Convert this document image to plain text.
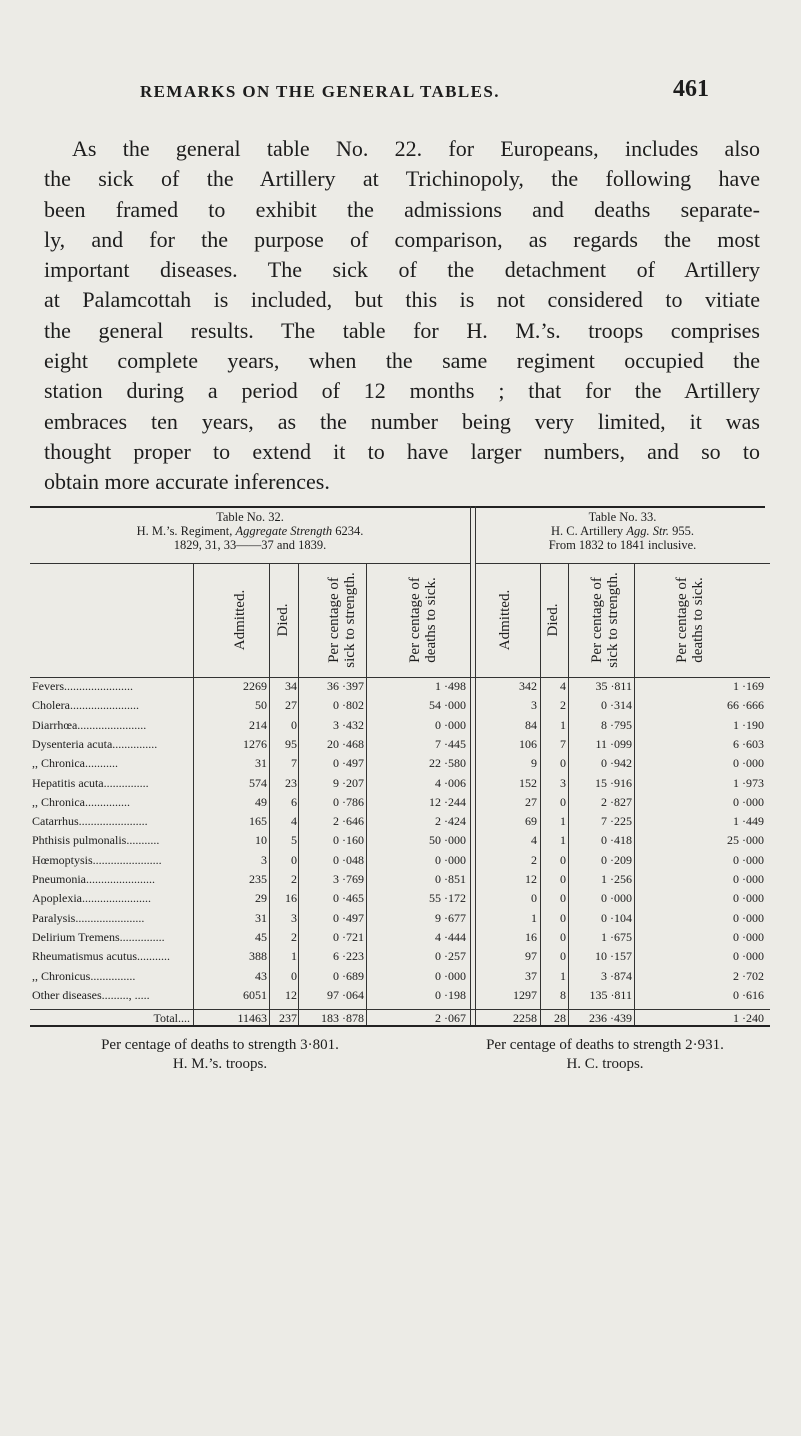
REMARKS ON THE GENERAL TABLES.	461
As the general table No. 22. for Europeans, includes also
the sick of the Artillery at Trichinopoly, the following have
been framed to exhibit the admissions and deaths separate-
ly, and for the purpose of comparison, as regards the most
important diseases. The sick of the detachment of Artillery
at Palamcottah is included, but this is not considered to vitiate
the general results. The table for H. M.’s. troops comprises
eight complete years, when the same regiment occupied the
station during a period of 12 months ; that for the Artillery
embraces ten years, as the number being very limited, it was
thought proper to extend it to have larger numbers, and so to
obtain more accurate inferences.
Table No. 32.
H. M.’s. Regiment, Aggregate Strength 6234.
1829, 31, 33——37 and 1839.
Table No. 33.
H. C. Artillery Agg. Str. 955.
From 1832 to 1841 inclusive.
Admitted. Died. Per centage of sick to strength.	Per centage of deaths to sick.	Admitted. Died. Per centage of sick to strength.	Per centage of deaths to sick.
Fevers.......................	2269 34	36 ·397	1 ·498	342 4 35 ·811	1 ·169
Cholera.......................	50 27	0 ·802	54 ·000	3 2	0 ·314	66 ·666
Diarrhœa.......................	214 0	3 ·432	0 ·000	84 1	8 ·795	1 ·190
Dysenteria acuta...............	1276 95	20 ·468	7 ·445	106 7 11 ·099	6 ·603
,, Chronica...........	31 7	0 ·497	22 ·580	9 0	0 ·942	0 ·000
Hepatitis acuta...............	574 23	9 ·207	4 ·006	152 3 15 ·916	1 ·973
,, Chronica...............	49 6	0 ·786	12 ·244	27 0	2 ·827	0 ·000
Catarrhus.......................	165 4	2 ·646	2 ·424	69 1	7 ·225	1 ·449
Phthisis pulmonalis...........	10 5	0 ·160	50 ·000	4 1	0 ·418	25 ·000
Hœmoptysis.......................	3 0	0 ·048	0 ·000	2 0	0 ·209	0 ·000
Pneumonia.......................	235 2	3 ·769	0 ·851	12 0	1 ·256	0 ·000
Apoplexia.......................	29 16	0 ·465	55 ·172	0 0	0 ·000	0 ·000
Paralysis.......................	31 3	0 ·497	9 ·677	1 0	0 ·104	0 ·000
Delirium Tremens...............	45 2	0 ·721	4 ·444	16 0	1 ·675	0 ·000
Rheumatismus acutus...........	388 1	6 ·223	0 ·257	97 0 10 ·157	0 ·000
,, Chronicus...............	43 0	0 ·689	0 ·000	37 1	3 ·874	2 ·702
Other diseases........., .....	6051 12	97 ·064	0 ·198	1297 8 135 ·811	0 ·616
Total....	11463 237 183 ·878	2 ·067	2258 28 236 ·439	1 ·240
Per centage of deaths to strength 3·801.
H. M.’s. troops.
Per centage of deaths to strength 2·931.
H. C. troops.
